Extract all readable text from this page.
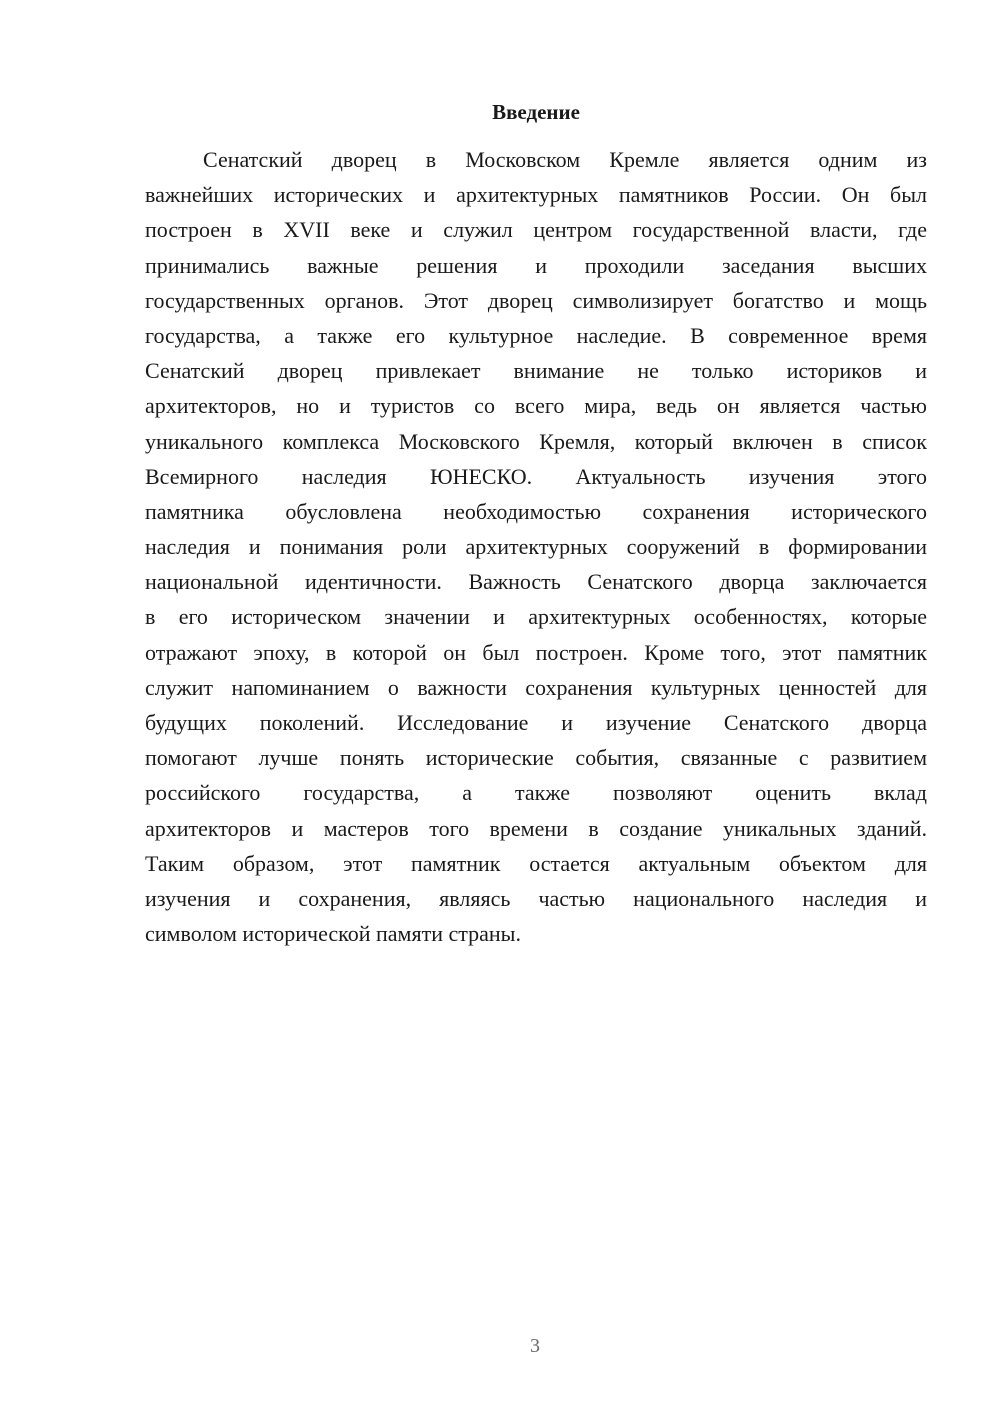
Введение
Сенатский дворец в Московском Кремле является одним из
важнейших исторических и архитектурных памятников России. Он был
построен в XVII веке и служил центром государственной власти, где
принимались важные решения и проходили заседания высших
государственных органов. Этот дворец символизирует богатство и мощь
государства, а также его культурное наследие. В современное время
Сенатский дворец привлекает внимание не только историков и
архитекторов, но и туристов со всего мира, ведь он является частью
уникального комплекса Московского Кремля, который включен в список
Всемирного наследия ЮНЕСКО. Актуальность изучения этого
памятника обусловлена необходимостью сохранения исторического
наследия и понимания роли архитектурных сооружений в формировании
национальной идентичности. Важность Сенатского дворца заключается
в его историческом значении и архитектурных особенностях, которые
отражают эпоху, в которой он был построен. Кроме того, этот памятник
служит напоминанием о важности сохранения культурных ценностей для
будущих поколений. Исследование и изучение Сенатского дворца
помогают лучше понять исторические события, связанные с развитием
российского государства, а также позволяют оценить вклад
архитекторов и мастеров того времени в создание уникальных зданий.
Таким образом, этот памятник остается актуальным объектом для
изучения и сохранения, являясь частью национального наследия и
символом исторической памяти страны.
3
